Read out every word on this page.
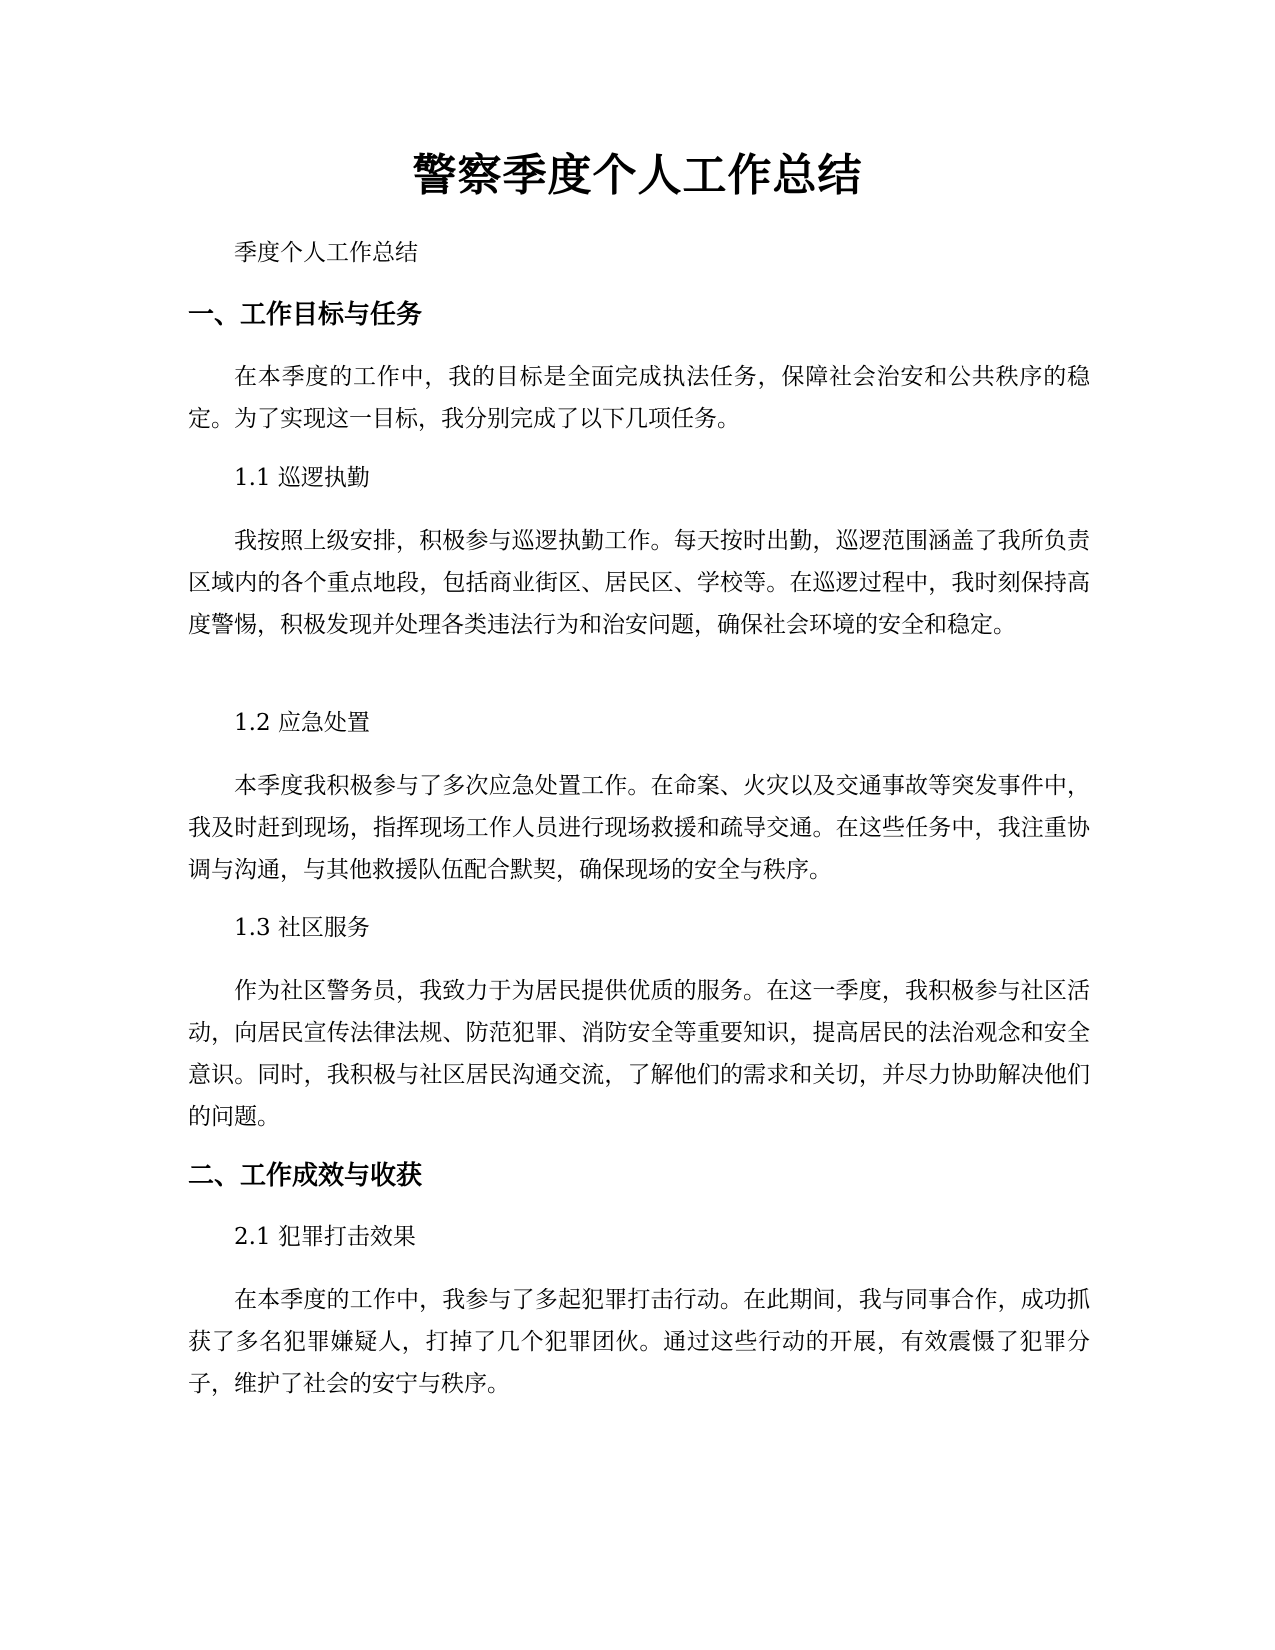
警察季度个人工作总结

季度个人工作总结

一、工作目标与任务

在本季度的工作中，我的目标是全面完成执法任务，保障社会治安和公共秩序的稳定。为了实现这一目标，我分别完成了以下几项任务。

1.1 巡逻执勤

我按照上级安排，积极参与巡逻执勤工作。每天按时出勤，巡逻范围涵盖了我所负责区域内的各个重点地段，包括商业街区、居民区、学校等。在巡逻过程中，我时刻保持高度警惕，积极发现并处理各类违法行为和治安问题，确保社会环境的安全和稳定。

1.2 应急处置

本季度我积极参与了多次应急处置工作。在命案、火灾以及交通事故等突发事件中，我及时赶到现场，指挥现场工作人员进行现场救援和疏导交通。在这些任务中，我注重协调与沟通，与其他救援队伍配合默契，确保现场的安全与秩序。

1.3 社区服务

作为社区警务员，我致力于为居民提供优质的服务。在这一季度，我积极参与社区活动，向居民宣传法律法规、防范犯罪、消防安全等重要知识，提高居民的法治观念和安全意识。同时，我积极与社区居民沟通交流，了解他们的需求和关切，并尽力协助解决他们的问题。

二、工作成效与收获

2.1 犯罪打击效果

在本季度的工作中，我参与了多起犯罪打击行动。在此期间，我与同事合作，成功抓获了多名犯罪嫌疑人，打掉了几个犯罪团伙。通过这些行动的开展，有效震慑了犯罪分子，维护了社会的安宁与秩序。
